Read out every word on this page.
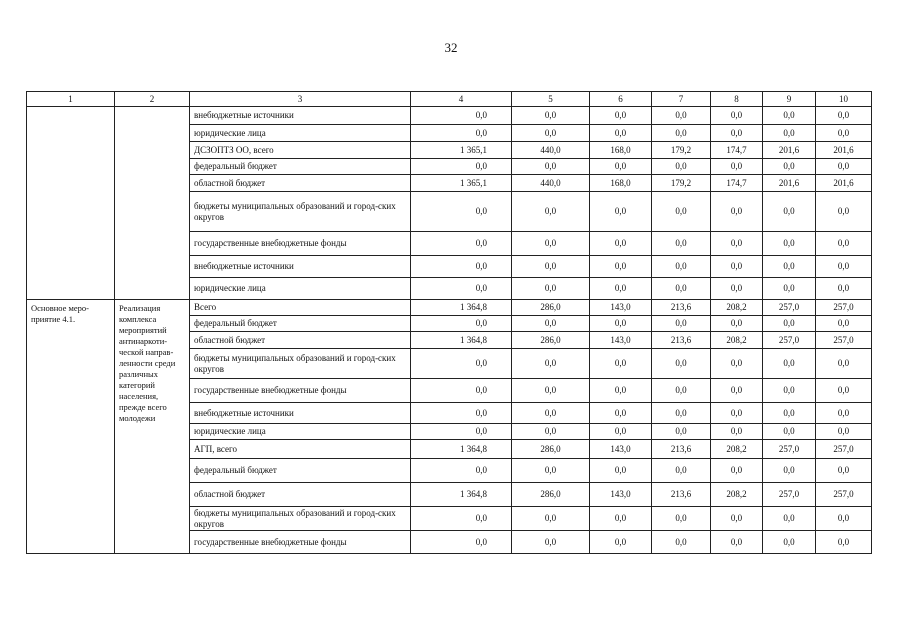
32
1	2	3	4	5	6	7	8	9	10
		внебюджетные источники	0,0	0,0	0,0	0,0	0,0	0,0	0,0
		юридические лица	0,0	0,0	0,0	0,0	0,0	0,0	0,0
		ДСЗОПТЗ ОО, всего	1 365,1	440,0	168,0	179,2	174,7	201,6	201,6
		федеральный бюджет	0,0	0,0	0,0	0,0	0,0	0,0	0,0
		областной бюджет	1 365,1	440,0	168,0	179,2	174,7	201,6	201,6
		бюджеты муниципальных образований и город-ских округов	0,0	0,0	0,0	0,0	0,0	0,0	0,0
		государственные внебюджетные фонды	0,0	0,0	0,0	0,0	0,0	0,0	0,0
		внебюджетные источники	0,0	0,0	0,0	0,0	0,0	0,0	0,0
		юридические лица	0,0	0,0	0,0	0,0	0,0	0,0	0,0
Основное меро-
приятие 4.1.	Реализация комплекса мероприятий антинаркоти-ческой направ-ленности среди различных категорий населения, прежде всего молодежи	Всего	1 364,8	286,0	143,0	213,6	208,2	257,0	257,0
		федеральный бюджет	0,0	0,0	0,0	0,0	0,0	0,0	0,0
		областной бюджет	1 364,8	286,0	143,0	213,6	208,2	257,0	257,0
		бюджеты муниципальных образований и город-ских округов	0,0	0,0	0,0	0,0	0,0	0,0	0,0
		государственные внебюджетные фонды	0,0	0,0	0,0	0,0	0,0	0,0	0,0
		внебюджетные источники	0,0	0,0	0,0	0,0	0,0	0,0	0,0
		юридические лица	0,0	0,0	0,0	0,0	0,0	0,0	0,0
		АГП, всего	1 364,8	286,0	143,0	213,6	208,2	257,0	257,0
		федеральный бюджет	0,0	0,0	0,0	0,0	0,0	0,0	0,0
		областной бюджет	1 364,8	286,0	143,0	213,6	208,2	257,0	257,0
		бюджеты муниципальных образований и город-ских округов	0,0	0,0	0,0	0,0	0,0	0,0	0,0
		государственные внебюджетные фонды	0,0	0,0	0,0	0,0	0,0	0,0	0,0
